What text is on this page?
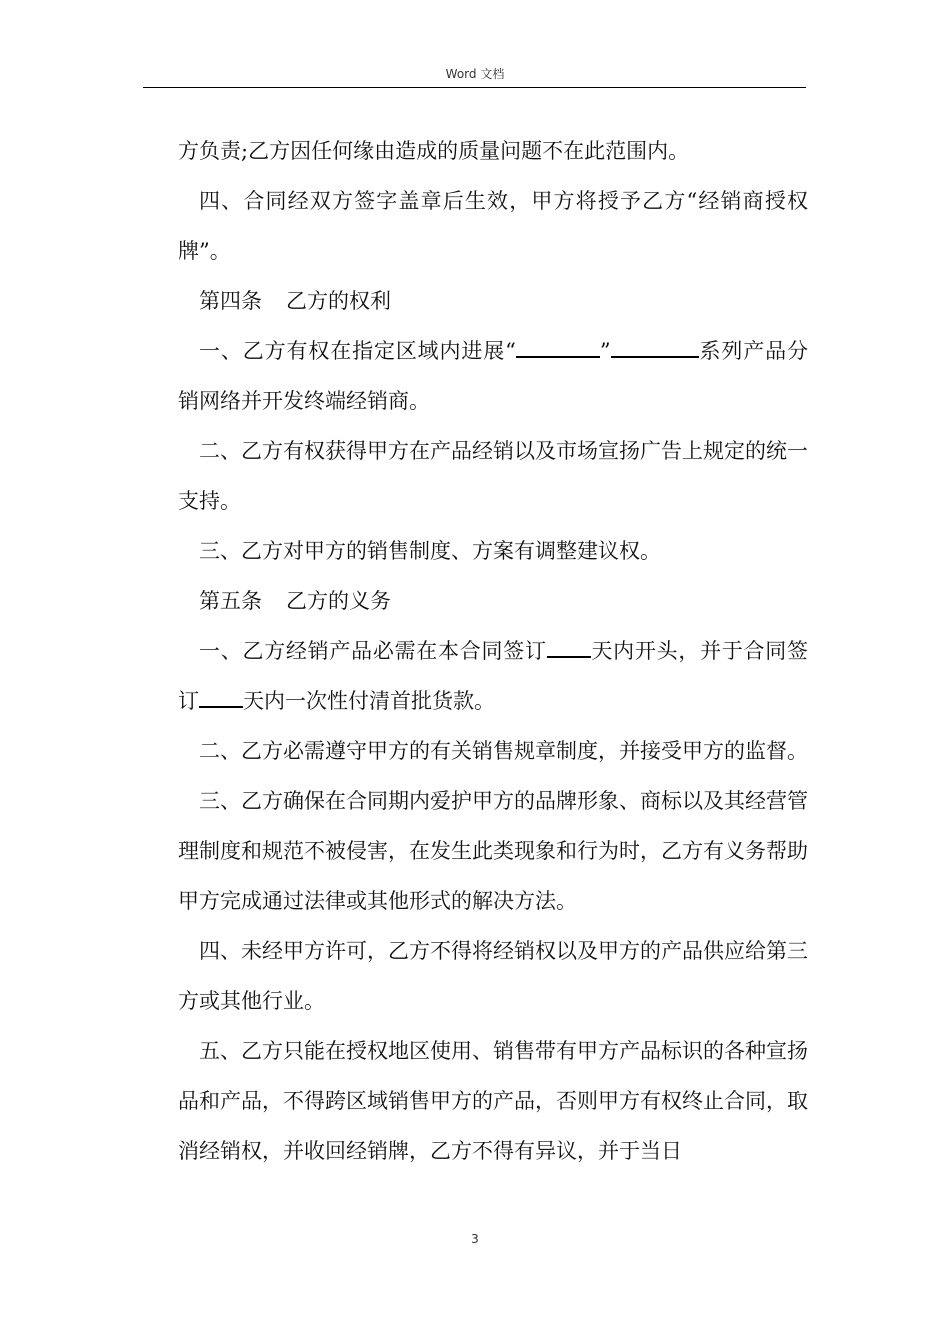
Word 文档

方负责;乙方因任何缘由造成的质量问题不在此范围内。

四、合同经双方签字盖章后生效，甲方将授予乙方“经销商授权牌”。

第四条 乙方的权利

一、乙方有权在指定区域内进展“	”	系列产品分销网络并开发终端经销商。

二、乙方有权获得甲方在产品经销以及市场宣扬广告上规定的统一支持。

三、乙方对甲方的销售制度、方案有调整建议权。

第五条 乙方的义务

一、乙方经销产品必需在本合同签订 天内开头，并于合同签订 天内一次性付清首批货款。

二、乙方必需遵守甲方的有关销售规章制度，并接受甲方的监督。

三、乙方确保在合同期内爱护甲方的品牌形象、商标以及其经营管理制度和规范不被侵害，在发生此类现象和行为时，乙方有义务帮助甲方完成通过法律或其他形式的解决方法。

四、未经甲方许可，乙方不得将经销权以及甲方的产品供应给第三方或其他行业。

五、乙方只能在授权地区使用、销售带有甲方产品标识的各种宣扬品和产品，不得跨区域销售甲方的产品，否则甲方有权终止合同，取消经销权，并收回经销牌，乙方不得有异议，并于当日

3
